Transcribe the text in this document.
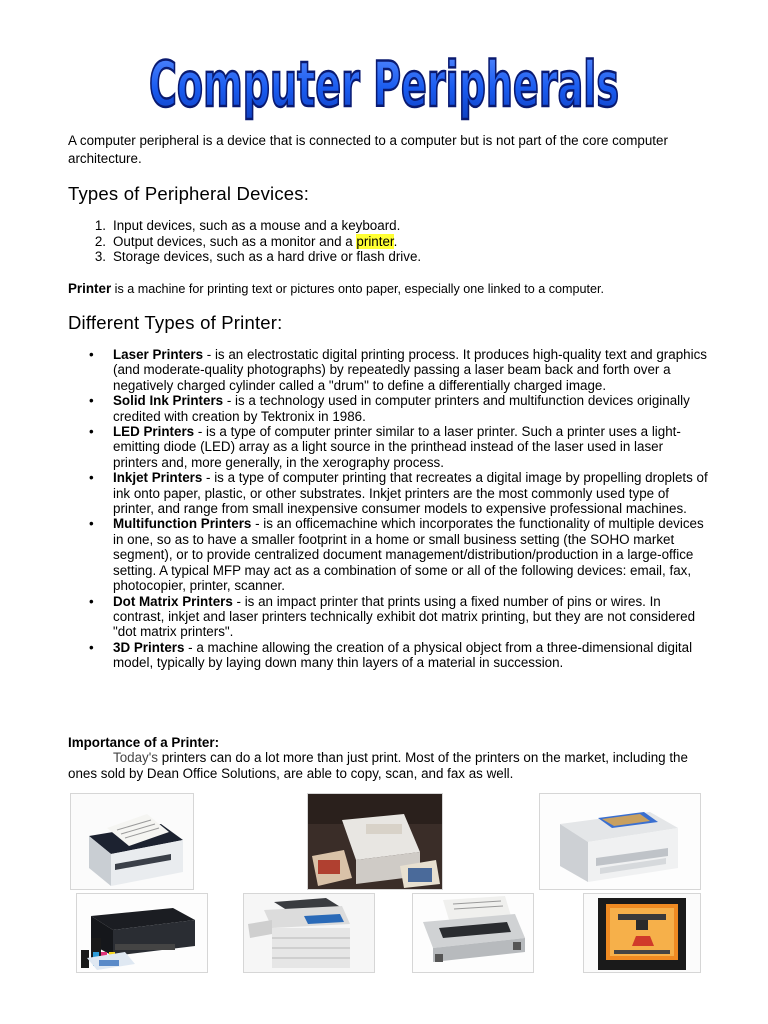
Computer Peripherals
A computer peripheral is a device that is connected to a computer but is not part of the core computer architecture.
Types of Peripheral Devices:
1. Input devices, such as a mouse and a keyboard.
2. Output devices, such as a monitor and a printer.
3. Storage devices, such as a hard drive or flash drive.
Printer is a machine for printing text or pictures onto paper, especially one linked to a computer.
Different Types of Printer:
• Laser Printers - is an electrostatic digital printing process. It produces high-quality text and graphics (and moderate-quality photographs) by repeatedly passing a laser beam back and forth over a negatively charged cylinder called a "drum" to define a differentially charged image.
• Solid Ink Printers - is a technology used in computer printers and multifunction devices originally credited with creation by Tektronix in 1986.
• LED Printers - is a type of computer printer similar to a laser printer. Such a printer uses a light-emitting diode (LED) array as a light source in the printhead instead of the laser used in laser printers and, more generally, in the xerography process.
• Inkjet Printers - is a type of computer printing that recreates a digital image by propelling droplets of ink onto paper, plastic, or other substrates. Inkjet printers are the most commonly used type of printer, and range from small inexpensive consumer models to expensive professional machines.
• Multifunction Printers - is an officemachine which incorporates the functionality of multiple devices in one, so as to have a smaller footprint in a home or small business setting (the SOHO market segment), or to provide centralized document management/distribution/production in a large-office setting. A typical MFP may act as a combination of some or all of the following devices: email, fax, photocopier, printer, scanner.
• Dot Matrix Printers - is an impact printer that prints using a fixed number of pins or wires. In contrast, inkjet and laser printers technically exhibit dot matrix printing, but they are not considered "dot matrix printers".
• 3D Printers - a machine allowing the creation of a physical object from a three-dimensional digital model, typically by laying down many thin layers of a material in succession.
Importance of a Printer:
Today's printers can do a lot more than just print. Most of the printers on the market, including the ones sold by Dean Office Solutions, are able to copy, scan, and fax as well.
